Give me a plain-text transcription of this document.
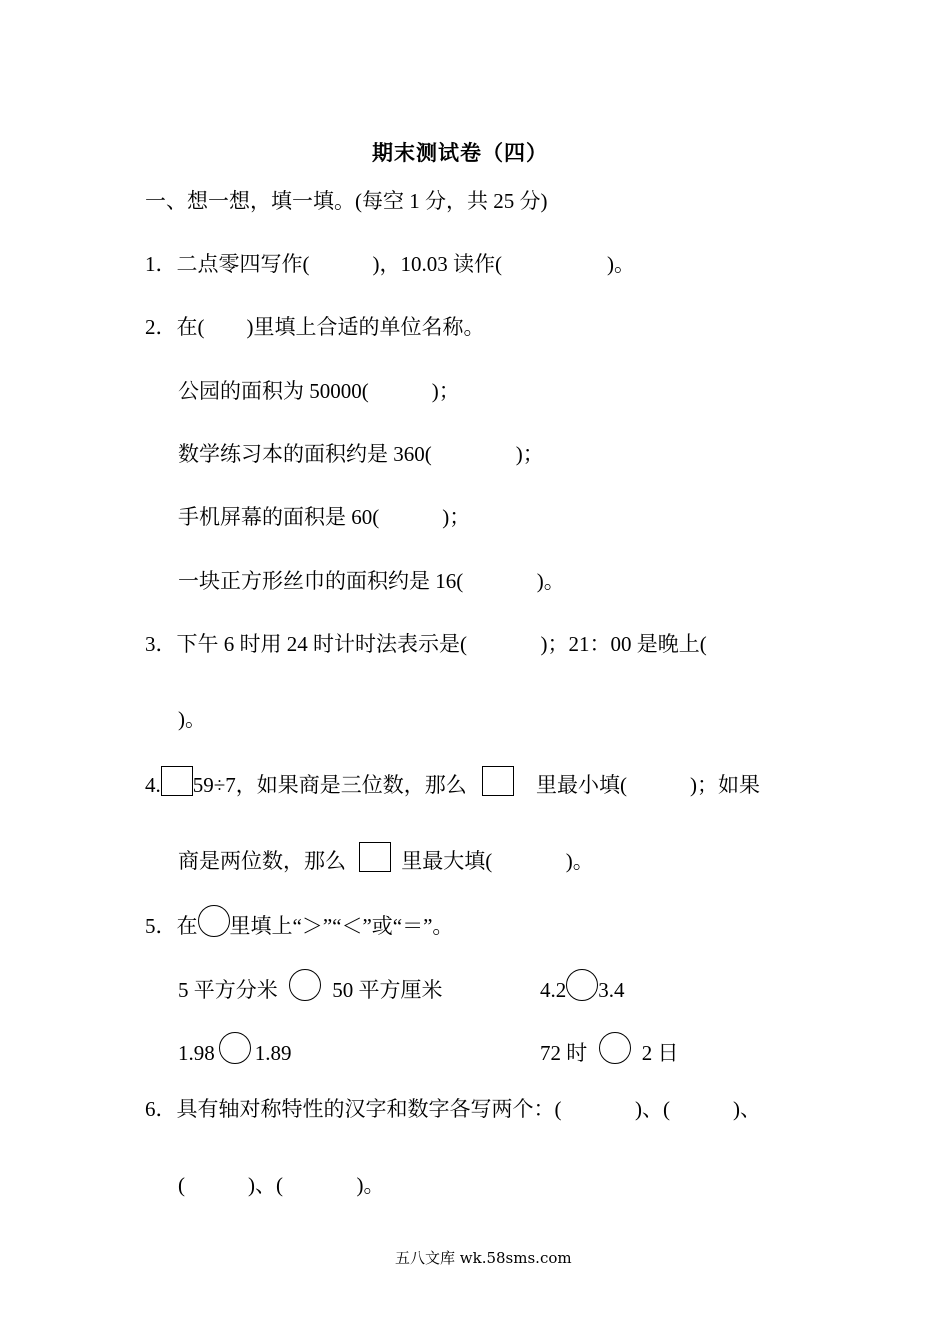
期末测试卷（四）
一、想一想，填一填。(每空 1 分，共 25 分)
1．二点零四写作(            )，10.03 读作(                    )。
2．在(        )里填上合适的单位名称。
公园的面积为 50000(            )；
数学练习本的面积约是 360(                )；
手机屏幕的面积是 60(            )；
一块正方形丝巾的面积约是 16(              )。
3．下午 6 时用 24 时计时法表示是(              )；21：00 是晚上(
)。
4. 59÷7，如果商是三位数，那么	里最小填(            )；如果
商是两位数，那么	里最大填(              )。
5．在 里填上“＞”“＜”或“＝”。
5 平方分米	50 平方厘米	4.2 3.4
1.98 1.89	72 时	2 日
6．具有轴对称特性的汉字和数字各写两个：(              )、(            )、
(            )、(              )。
五八文库 wk.58sms.com
